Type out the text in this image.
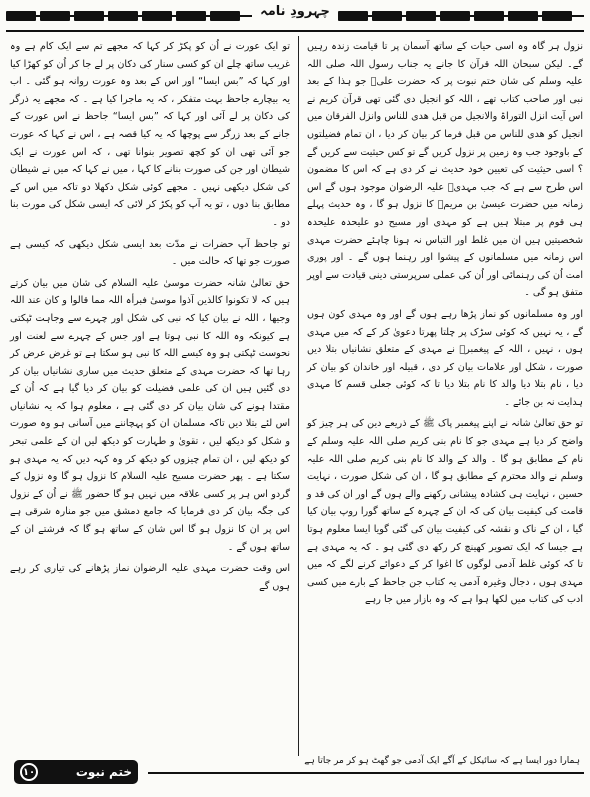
چہرودِ نامہ

نزول ہر گاہ وہ اسی حیات کے ساتھ آسمان پر تا قیامت زندہ رہیں گے۔ لیکن سبحان اللہ قرآن کا جانے یہ جناب رسول اللہ صلی اللہ علیہ وسلم کی شان ختم نبوت پر کہ حضرت علیؑ جو ہذا کے بعد نبی اور صاحب کتاب تھے ، اللہ کو انجیل دی گئی تھی قرآن کریم نے اس آیت انزل التوراۃ والانجیل من قبل ھدی للناس وانزل الفرقان میں انجیل کو ھدی للناس من قبل فرما کر بیان کر دیا ، ان تمام فضیلتوں کے باوجود جب وہ زمین پر نزول کریں گے تو کس حیثیت سے کریں گے ؟ اسی حیثیت کی تعیین خود حدیث نے کر دی ہے کہ اس کا مضمون اس طرح سے ہے کہ جب مہدیؑ علیہ الرضوان موجود ہوں گے اس زمانہ میں حضرت عیسیٰ بن مریمؑ کا نزول ہو گا ، وہ حدیث پہلے ہی قوم پر مبتلا ہیں ہے کو مہدی اور مسیح دو علیحدہ علیحدہ شخصیتیں ہیں ان میں غلط اور التباس نہ ہونا چاہئے حضرت مہدی اس زمانہ میں مسلمانوں کے پیشوا اور رہنما ہوں گے ۔ اور پوری امت اُن کی رہنمائی اور اُن کی عملی سرپرستی دینی قیادت سے اوپر متفق ہو گی ۔

اور وہ مسلمانوں کو نماز پڑھا رہے ہوں گے اور وہ مہدی کون ہوں گے ، یہ نہیں کہ کوئی سڑک پر چلتا پھرتا دعویٰ کر کے کہ میں مہدی ہوں ، نہیں ، اللہ کے پیغمبرؐ نے مہدی کے متعلق نشانیاں بتلا دیں صورت ، شکل اور علامات بیان کر دی ، قبیلہ اور خاندان کو بیان کر دیا ، نام بتلا دیا والد کا نام بتلا دیا تا کہ کوئی جعلی قسم کا مہدی ہدایت نہ بن جائے ۔

تو حق تعالیٰ شانہ نے اپنے پیغمبر پاک ﷺ کے ذریعے دین کی ہر چیز کو واضح کر دیا ہے مہدی جو کا نام بنی کریم صلی اللہ علیہ وسلم کے نام کے مطابق ہو گا ۔ والد کے والد کا نام بنی کریم صلی اللہ علیہ وسلم نے والد محترم کے مطابق ہو گا ، ان کی شکل صورت ، نہایت حسین ، نہایت ہی کشادہ پیشانی رکھنے والے ہوں گے اور ان کی قد و قامت کی کیفیت بیان کی کہ ان کے چہرہ کے ساتھ گورا روپ بیان کیا گیا ، ان کے ناک و نقشہ کی کیفیت بیان کی گئی گویا ایسا معلوم ہوتا ہے جیسا کہ ایک تصویر کھینچ کر رکھ دی گئی ہو ۔ کہ یہ مہدی ہے تا کہ کوئی غلط آدمی لوگوں کا اغوا کر کے دعوائے کرنے لگے کہ میں مہدی ہوں ، دجال وغیرہ آدمی یہ کتاب جن جاحظ کے بارے میں کسی ادب کی کتاب میں لکھا ہوا ہے کہ وہ بازار میں جا رہے

تو ایک عورت نے اُن کو پکڑ کر کہا کہ مجھے تم سے ایک کام ہے وہ غریب ساتھ چلے ان کو کسی سنار کی دکان پر لے جا کر اُن کو کھڑا کیا اور کہا کہ ”بس ایسا“ اور اس کے بعد وہ عورت روانہ ہو گئی ۔ اب یہ بیچارے جاحظ بہت متفکر ، کہ یہ ماجرا کیا ہے ۔ کہ مجھے یہ ذرگر کی دکان پر لے آئی اور کہا کہ ”بس ایسا“ جاحظ نے اس عورت کے جانے کے بعد زرگر سے پوچھا کہ یہ کیا قصہ ہے ، اس نے کہا کہ عورت جو آئی تھی ان کو کچھ تصویر بنوانا تھی ، کہ اس عورت نے ایک شیطان اور جن کی صورت بنانے کا کہا ، میں نے کہا کہ میں نے شیطان کی شکل دیکھی نہیں ۔ مجھے کوئی شکل دکھلا دو تاکہ میں اس کے مطابق بنا دوں ، تو یہ آپ کو پکڑ کر لائی کہ ایسی شکل کی مورت بنا دو ۔

تو جاحظ آپ حضرات نے مدّت بعد ایسی شکل دیکھی کہ کیسی ہے صورت جو تھا کہ حالت میں ۔

حق تعالیٰ شانہ حضرت موسیٰ علیہ السلام کی شان میں بیان کرتے ہیں کہ لا تکونوا کالذین آذوا موسیٰ فبرأہ اللہ مما قالوا و کان عند اللہ وجیھا ، اللہ نے بیان کیا کہ نبی کی شکل اور چہرے سے وجاہت ٹپکتی ہے کیونکہ وہ اللہ کا نبی ہوتا ہے اور جس کے چہرے سے لعنت اور نحوست ٹپکتی ہو وہ کیسے اللہ کا نبی ہو سکتا ہے تو غرض عرض کر رہا تھا کہ حضرت مہدی کے متعلق حدیث میں ساری نشانیاں بیان کر دی گئیں ہیں ان کی علمی فضیلت کو بیان کر دیا گیا ہے کہ اُن کے مقتدا ہونے کی شان بیان کر دی گئی ہے ، معلوم ہوا کہ یہ نشانیاں اس لئے بتلا دیں تاکہ مسلمان ان کو پہچاننے میں آسانی ہو وہ صورت و شکل کو دیکھ لیں ، تقویٰ و طہارت کو دیکھ لیں ان کے علمی تبحر کو دیکھ لیں ، ان تمام چیزوں کو دیکھ کر وہ کہہ دیں کہ یہ مہدی ہو سکتا ہے ۔ پھر حضرت مسیح علیہ السلام کا نزول ہو گا وہ نزول کے گردو اس ہر پر کسی علاقہ میں نہیں ہو گا حضور ﷺ نے اُن کے نزول کی جگہ بیان کر دی فرمایا کہ جامع دمشق میں جو منارہ شرقی ہے اس پر ان کا نزول ہو گا اس شان کے ساتھ ہو گا کہ فرشتے ان کے ساتھ ہوں گے ۔

اس وقت حضرت مہدی علیہ الرضوان نماز پڑھانے کی تیاری کر رہے ہوں گے

۱۰	ختم نبوت
ہمارا دور ایسا ہے کہ سائیکل کے آگے ایک آدمی جو گھٹ ہو کر مر جاتا ہے
